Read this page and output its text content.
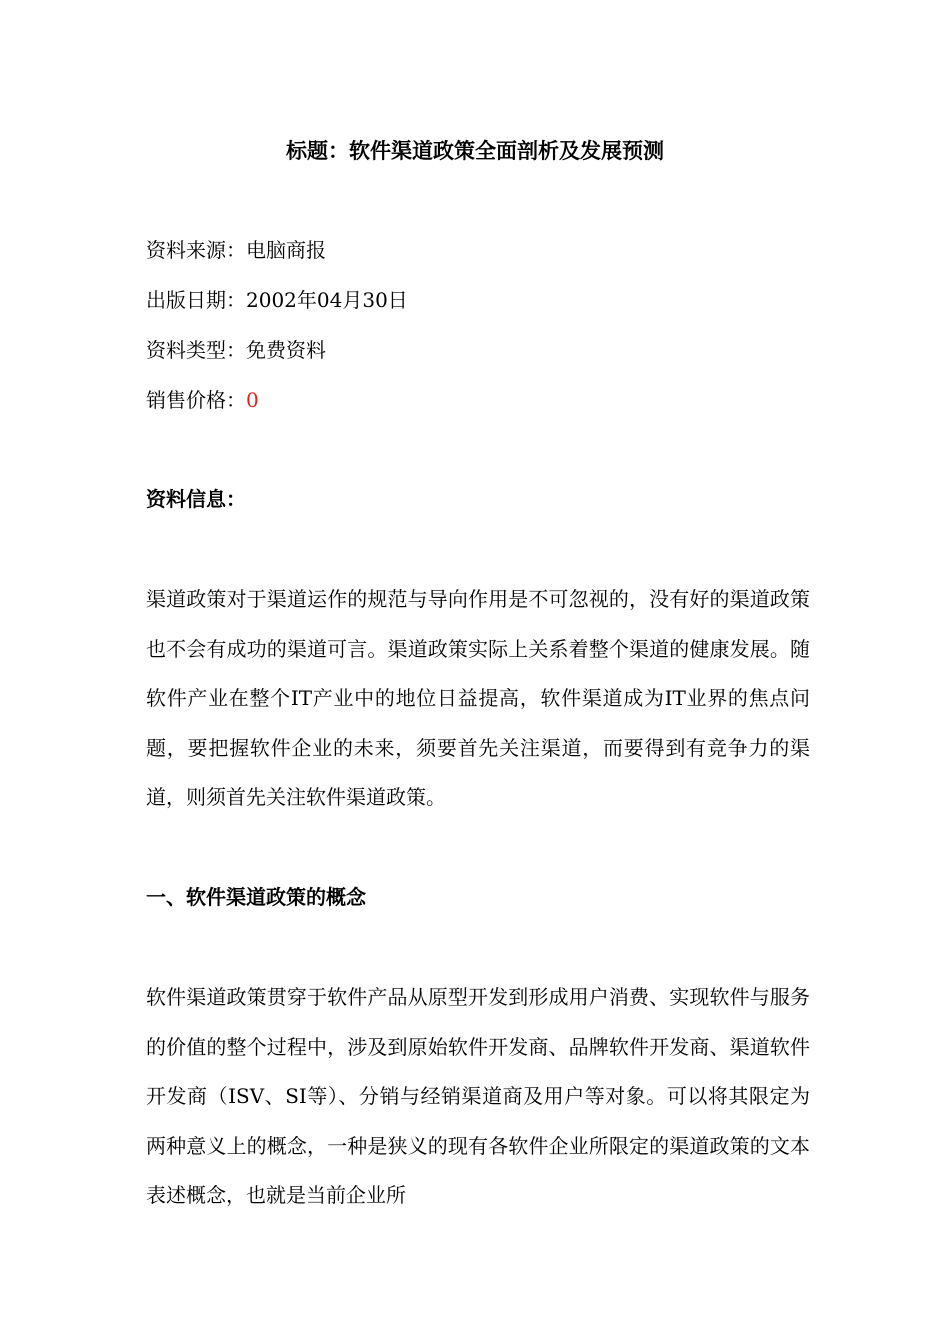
标题：软件渠道政策全面剖析及发展预测
资料来源：电脑商报
出版日期：2002年04月30日
资料类型：免费资料
销售价格：0
资料信息：
渠道政策对于渠道运作的规范与导向作用是不可忽视的，没有好的渠道政策也不会有成功的渠道可言。渠道政策实际上关系着整个渠道的健康发展。随软件产业在整个IT产业中的地位日益提高，软件渠道成为IT业界的焦点问题，要把握软件企业的未来，须要首先关注渠道，而要得到有竞争力的渠道，则须首先关注软件渠道政策。
一、软件渠道政策的概念
软件渠道政策贯穿于软件产品从原型开发到形成用户消费、实现软件与服务的价值的整个过程中，涉及到原始软件开发商、品牌软件开发商、渠道软件开发商（ISV、SI等）、分销与经销渠道商及用户等对象。可以将其限定为两种意义上的概念，一种是狭义的现有各软件企业所限定的渠道政策的文本表述概念，也就是当前企业所
